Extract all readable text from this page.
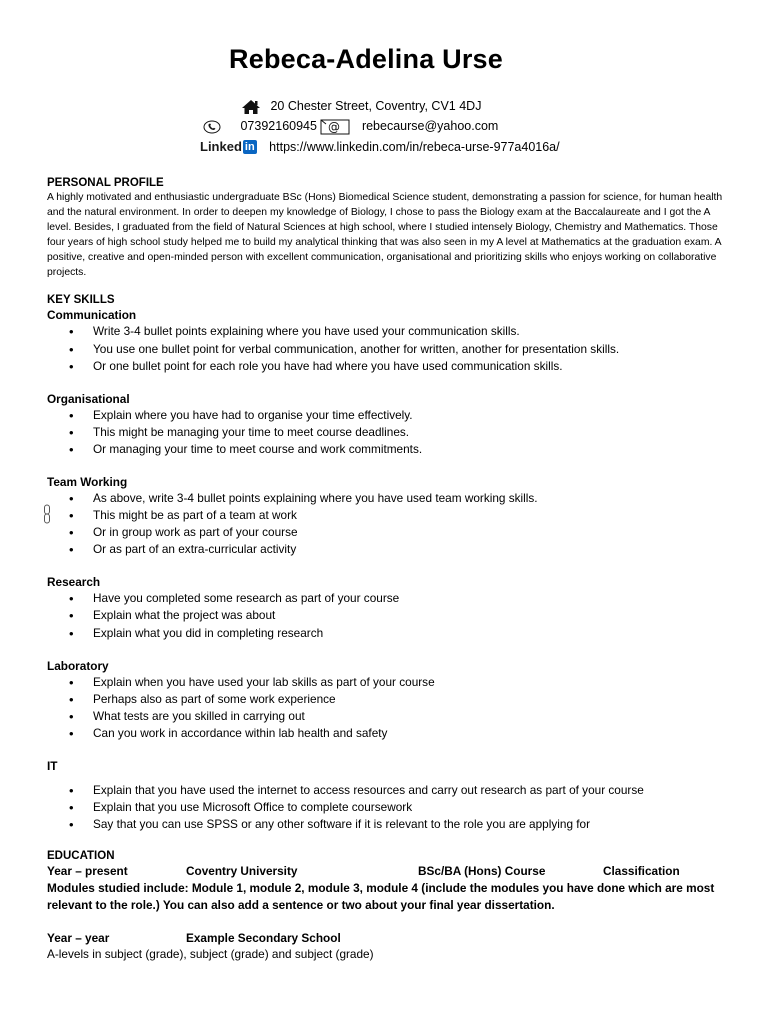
Rebeca-Adelina Urse
20 Chester Street, Coventry, CV1 4DJ
07392160945 @ rebecaurse@yahoo.com
Linked in https://www.linkedin.com/in/rebeca-urse-977a4016a/

PERSONAL PROFILE

A highly motivated and enthusiastic undergraduate BSc (Hons) Biomedical Science student, demonstrating a passion for science, for human health and the natural environment. In order to deepen my knowledge of Biology, I chose to pass the Biology exam at the Baccalaureate and I got the A level. Besides, I graduated from the field of Natural Sciences at high school, where I studied intensely Biology, Chemistry and Mathematics. Those four years of high school study helped me to build my analytical thinking that was also seen in my A level at Mathematics at the graduation exam. A positive, creative and open-minded person with excellent communication, organisational and prioritizing skills who enjoys working on collaborative projects.

KEY SKILLS

Communication

• Write 3-4 bullet points explaining where you have used your communication skills.
• You use one bullet point for verbal communication, another for written, another for presentation skills.
• Or one bullet point for each role you have had where you have used communication skills.

Organisational

• Explain where you have had to organise your time effectively.
• This might be managing your time to meet course deadlines.
• Or managing your time to meet course and work commitments.

Team Working

• As above, write 3-4 bullet points explaining where you have used team working skills.
• This might be as part of a team at work
• Or in group work as part of your course
• Or as part of an extra-curricular activity

Research

• Have you completed some research as part of your course
• Explain what the project was about
• Explain what you did in completing research

Laboratory

• Explain when you have used your lab skills as part of your course
• Perhaps also as part of some work experience
• What tests are you skilled in carrying out
• Can you work in accordance within lab health and safety

IT

• Explain that you have used the internet to access resources and carry out research as part of your course
• Explain that you use Microsoft Office to complete coursework
• Say that you can use SPSS or any other software if it is relevant to the role you are applying for

EDUCATION

Year – present	Coventry University	BSc/BA (Hons) Course	Classification

Modules studied include: Module 1, module 2, module 3, module 4 (include the modules you have done which are most relevant to the role.) You can also add a sentence or two about your final year dissertation.

Year – year	Example Secondary School

A-levels in subject (grade), subject (grade) and subject (grade)
